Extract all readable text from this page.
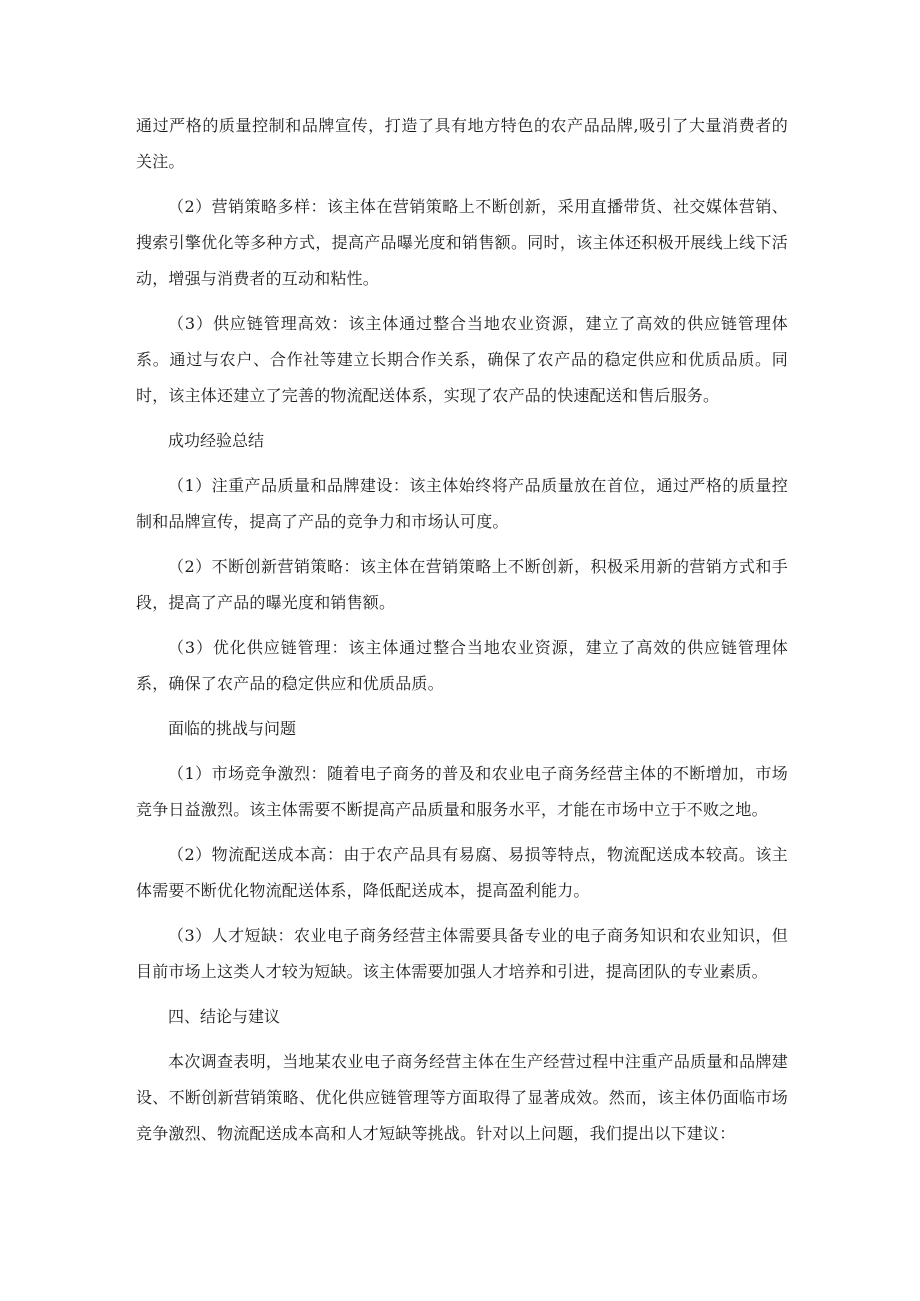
通过严格的质量控制和品牌宣传，打造了具有地方特色的农产品品牌,吸引了大量消费者的关注。

（2）营销策略多样：该主体在营销策略上不断创新，采用直播带货、社交媒体营销、搜索引擎优化等多种方式，提高产品曝光度和销售额。同时，该主体还积极开展线上线下活动，增强与消费者的互动和粘性。

（3）供应链管理高效：该主体通过整合当地农业资源，建立了高效的供应链管理体系。通过与农户、合作社等建立长期合作关系，确保了农产品的稳定供应和优质品质。同时，该主体还建立了完善的物流配送体系，实现了农产品的快速配送和售后服务。

成功经验总结

（1）注重产品质量和品牌建设：该主体始终将产品质量放在首位，通过严格的质量控制和品牌宣传，提高了产品的竞争力和市场认可度。

（2）不断创新营销策略：该主体在营销策略上不断创新，积极采用新的营销方式和手段，提高了产品的曝光度和销售额。

（3）优化供应链管理：该主体通过整合当地农业资源，建立了高效的供应链管理体系，确保了农产品的稳定供应和优质品质。

面临的挑战与问题

（1）市场竞争激烈：随着电子商务的普及和农业电子商务经营主体的不断增加，市场竞争日益激烈。该主体需要不断提高产品质量和服务水平，才能在市场中立于不败之地。

（2）物流配送成本高：由于农产品具有易腐、易损等特点，物流配送成本较高。该主体需要不断优化物流配送体系，降低配送成本，提高盈利能力。

（3）人才短缺：农业电子商务经营主体需要具备专业的电子商务知识和农业知识，但目前市场上这类人才较为短缺。该主体需要加强人才培养和引进，提高团队的专业素质。

四、结论与建议

本次调查表明，当地某农业电子商务经营主体在生产经营过程中注重产品质量和品牌建设、不断创新营销策略、优化供应链管理等方面取得了显著成效。然而，该主体仍面临市场竞争激烈、物流配送成本高和人才短缺等挑战。针对以上问题，我们提出以下建议：
